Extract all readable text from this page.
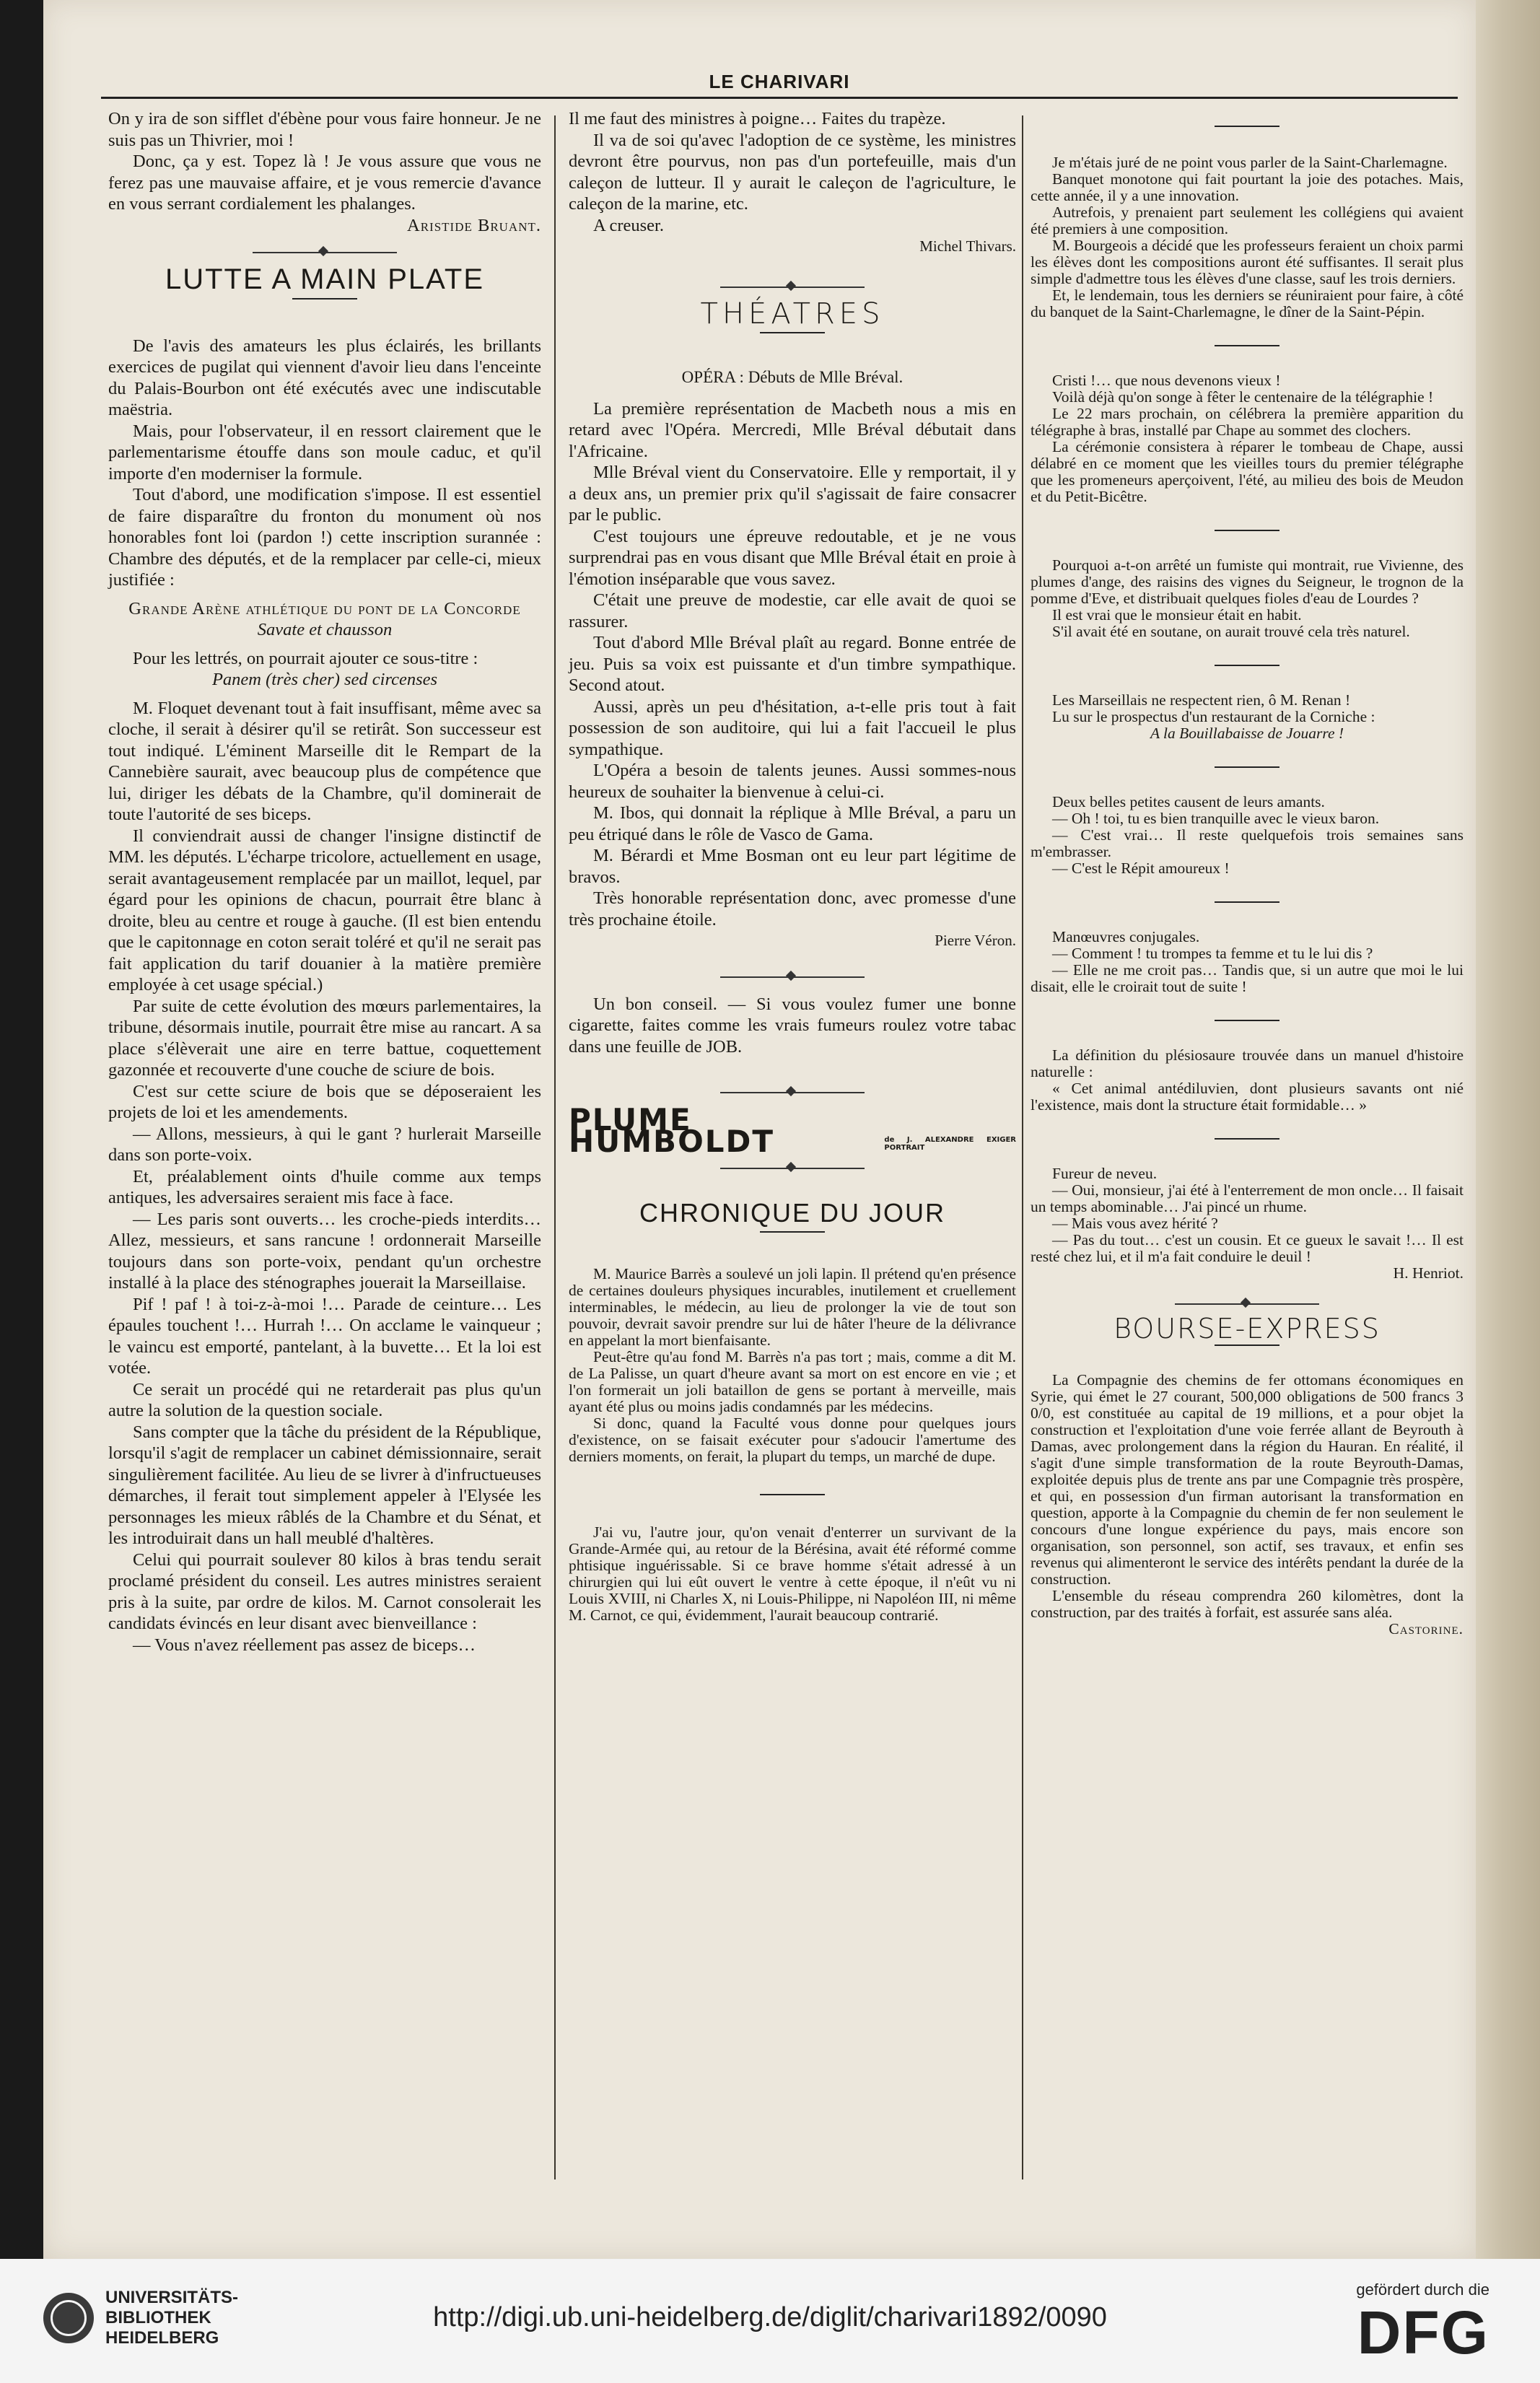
LE CHARIVARI

On y ira de son sifflet d'ébène pour vous faire honneur. Je ne suis pas un Thivrier, moi !

Donc, ça y est. Topez là ! Je vous assure que vous ne ferez pas une mauvaise affaire, et je vous remercie d'avance en vous serrant cordialement les phalanges.

Aristide Bruant.

LUTTE A MAIN PLATE

De l'avis des amateurs les plus éclairés, les brillants exercices de pugilat qui viennent d'avoir lieu dans l'enceinte du Palais-Bourbon ont été exécutés avec une indiscutable maëstria.

Mais, pour l'observateur, il en ressort clairement que le parlementarisme étouffe dans son moule caduc, et qu'il importe d'en moderniser la formule.

Tout d'abord, une modification s'impose. Il est essentiel de faire disparaître du fronton du monument où nos honorables font loi (pardon !) cette inscription surannée : Chambre des députés, et de la remplacer par celle-ci, mieux justifiée :

Grande Arène athlétique du pont de la Concorde

Savate et chausson

Pour les lettrés, on pourrait ajouter ce sous-titre :

Panem (très cher) sed circenses

M. Floquet devenant tout à fait insuffisant, même avec sa cloche, il serait à désirer qu'il se retirât. Son successeur est tout indiqué. L'éminent Marseille dit le Rempart de la Cannebière saurait, avec beaucoup plus de compétence que lui, diriger les débats de la Chambre, qu'il dominerait de toute l'autorité de ses biceps.

Il conviendrait aussi de changer l'insigne distinctif de MM. les députés. L'écharpe tricolore, actuellement en usage, serait avantageusement remplacée par un maillot, lequel, par égard pour les opinions de chacun, pourrait être blanc à droite, bleu au centre et rouge à gauche. (Il est bien entendu que le capitonnage en coton serait toléré et qu'il ne serait pas fait application du tarif douanier à la matière première employée à cet usage spécial.)

Par suite de cette évolution des mœurs parlementaires, la tribune, désormais inutile, pourrait être mise au rancart. A sa place s'élèverait une aire en terre battue, coquettement gazonnée et recouverte d'une couche de sciure de bois.

C'est sur cette sciure de bois que se déposeraient les projets de loi et les amendements.

— Allons, messieurs, à qui le gant ? hurlerait Marseille dans son porte-voix.

Et, préalablement oints d'huile comme aux temps antiques, les adversaires seraient mis face à face.

— Les paris sont ouverts… les croche-pieds interdits… Allez, messieurs, et sans rancune ! ordonnerait Marseille toujours dans son porte-voix, pendant qu'un orchestre installé à la place des sténographes jouerait la Marseillaise.

Pif ! paf ! à toi-z-à-moi !… Parade de ceinture… Les épaules touchent !… Hurrah !… On acclame le vainqueur ; le vaincu est emporté, pantelant, à la buvette… Et la loi est votée.

Ce serait un procédé qui ne retarderait pas plus qu'un autre la solution de la question sociale.

Sans compter que la tâche du président de la République, lorsqu'il s'agit de remplacer un cabinet démissionnaire, serait singulièrement facilitée. Au lieu de se livrer à d'infructueuses démarches, il ferait tout simplement appeler à l'Elysée les personnages les mieux râblés de la Chambre et du Sénat, et les introduirait dans un hall meublé d'haltères.

Celui qui pourrait soulever 80 kilos à bras tendu serait proclamé président du conseil. Les autres ministres seraient pris à la suite, par ordre de kilos. M. Carnot consolerait les candidats évincés en leur disant avec bienveillance :

— Vous n'avez réellement pas assez de biceps…

Il me faut des ministres à poigne… Faites du trapèze.

Il va de soi qu'avec l'adoption de ce système, les ministres devront être pourvus, non pas d'un portefeuille, mais d'un caleçon de lutteur. Il y aurait le caleçon de l'agriculture, le caleçon de la marine, etc.

A creuser.

Michel Thivars.

THÉATRES

OPÉRA : Débuts de Mlle Bréval.

La première représentation de Macbeth nous a mis en retard avec l'Opéra. Mercredi, Mlle Bréval débutait dans l'Africaine.

Mlle Bréval vient du Conservatoire. Elle y remportait, il y a deux ans, un premier prix qu'il s'agissait de faire consacrer par le public.

C'est toujours une épreuve redoutable, et je ne vous surprendrai pas en vous disant que Mlle Bréval était en proie à l'émotion inséparable que vous savez.

C'était une preuve de modestie, car elle avait de quoi se rassurer.

Tout d'abord Mlle Bréval plaît au regard. Bonne entrée de jeu. Puis sa voix est puissante et d'un timbre sympathique. Second atout.

Aussi, après un peu d'hésitation, a-t-elle pris tout à fait possession de son auditoire, qui lui a fait l'accueil le plus sympathique.

L'Opéra a besoin de talents jeunes. Aussi sommes-nous heureux de souhaiter la bienvenue à celui-ci.

M. Ibos, qui donnait la réplique à Mlle Bréval, a paru un peu étriqué dans le rôle de Vasco de Gama.

M. Bérardi et Mme Bosman ont eu leur part légitime de bravos.

Très honorable représentation donc, avec promesse d'une très prochaine étoile.

Pierre Véron.

Un bon conseil. — Si vous voulez fumer une bonne cigarette, faites comme les vrais fumeurs roulez votre tabac dans une feuille de JOB.

PLUME HUMBOLDT	de J. ALEXANDRE EXIGER PORTRAIT
CHRONIQUE DU JOUR

M. Maurice Barrès a soulevé un joli lapin. Il prétend qu'en présence de certaines douleurs physiques incurables, inutilement et cruellement interminables, le médecin, au lieu de prolonger la vie de tout son pouvoir, devrait savoir prendre sur lui de hâter l'heure de la délivrance en appelant la mort bienfaisante.

Peut-être qu'au fond M. Barrès n'a pas tort ; mais, comme a dit M. de La Palisse, un quart d'heure avant sa mort on est encore en vie ; et l'on formerait un joli bataillon de gens se portant à merveille, mais ayant été plus ou moins jadis condamnés par les médecins.

Si donc, quand la Faculté vous donne pour quelques jours d'existence, on se faisait exécuter pour s'adoucir l'amertume des derniers moments, on ferait, la plupart du temps, un marché de dupe.

J'ai vu, l'autre jour, qu'on venait d'enterrer un survivant de la Grande-Armée qui, au retour de la Bérésina, avait été réformé comme phtisique inguérissable. Si ce brave homme s'était adressé à un chirurgien qui lui eût ouvert le ventre à cette époque, il n'eût vu ni Louis XVIII, ni Charles X, ni Louis-Philippe, ni Napoléon III, ni même M. Carnot, ce qui, évidemment, l'aurait beaucoup contrarié.

Je m'étais juré de ne point vous parler de la Saint-Charlemagne.

Banquet monotone qui fait pourtant la joie des potaches. Mais, cette année, il y a une innovation.

Autrefois, y prenaient part seulement les collégiens qui avaient été premiers à une composition.

M. Bourgeois a décidé que les professeurs feraient un choix parmi les élèves dont les compositions auront été suffisantes. Il serait plus simple d'admettre tous les élèves d'une classe, sauf les trois derniers.

Et, le lendemain, tous les derniers se réuniraient pour faire, à côté du banquet de la Saint-Charlemagne, le dîner de la Saint-Pépin.

Cristi !… que nous devenons vieux !

Voilà déjà qu'on songe à fêter le centenaire de la télégraphie !

Le 22 mars prochain, on célébrera la première apparition du télégraphe à bras, installé par Chape au sommet des clochers.

La cérémonie consistera à réparer le tombeau de Chape, aussi délabré en ce moment que les vieilles tours du premier télégraphe que les promeneurs aperçoivent, l'été, au milieu des bois de Meudon et du Petit-Bicêtre.

Pourquoi a-t-on arrêté un fumiste qui montrait, rue Vivienne, des plumes d'ange, des raisins des vignes du Seigneur, le trognon de la pomme d'Eve, et distribuait quelques fioles d'eau de Lourdes ?

Il est vrai que le monsieur était en habit.

S'il avait été en soutane, on aurait trouvé cela très naturel.

Les Marseillais ne respectent rien, ô M. Renan !

Lu sur le prospectus d'un restaurant de la Corniche :

A la Bouillabaisse de Jouarre !

Deux belles petites causent de leurs amants.

— Oh ! toi, tu es bien tranquille avec le vieux baron.

— C'est vrai… Il reste quelquefois trois semaines sans m'embrasser.

— C'est le Répit amoureux !

Manœuvres conjugales.

— Comment ! tu trompes ta femme et tu le lui dis ?

— Elle ne me croit pas… Tandis que, si un autre que moi le lui disait, elle le croirait tout de suite !

La définition du plésiosaure trouvée dans un manuel d'histoire naturelle :

« Cet animal antédiluvien, dont plusieurs savants ont nié l'existence, mais dont la structure était formidable… »

Fureur de neveu.

— Oui, monsieur, j'ai été à l'enterrement de mon oncle… Il faisait un temps abominable… J'ai pincé un rhume.

— Mais vous avez hérité ?

— Pas du tout… c'est un cousin. Et ce gueux le savait !… Il est resté chez lui, et il m'a fait conduire le deuil !

H. Henriot.

BOURSE-EXPRESS

La Compagnie des chemins de fer ottomans économiques en Syrie, qui émet le 27 courant, 500,000 obligations de 500 francs 3 0/0, est constituée au capital de 19 millions, et a pour objet la construction et l'exploitation d'une voie ferrée allant de Beyrouth à Damas, avec prolongement dans la région du Hauran. En réalité, il s'agit d'une simple transformation de la route Beyrouth-Damas, exploitée depuis plus de trente ans par une Compagnie très prospère, et qui, en possession d'un firman autorisant la transformation en question, apporte à la Compagnie du chemin de fer non seulement le concours d'une longue expérience du pays, mais encore son organisation, son personnel, son actif, ses travaux, et enfin ses revenus qui alimenteront le service des intérêts pendant la durée de la construction.

L'ensemble du réseau comprendra 260 kilomètres, dont la construction, par des traités à forfait, est assurée sans aléa.

Castorine.

UNIVERSITÄTS-
BIBLIOTHEK
HEIDELBERG
http://digi.ub.uni-heidelberg.de/diglit/charivari1892/0090
gefördert durch die
DFG
